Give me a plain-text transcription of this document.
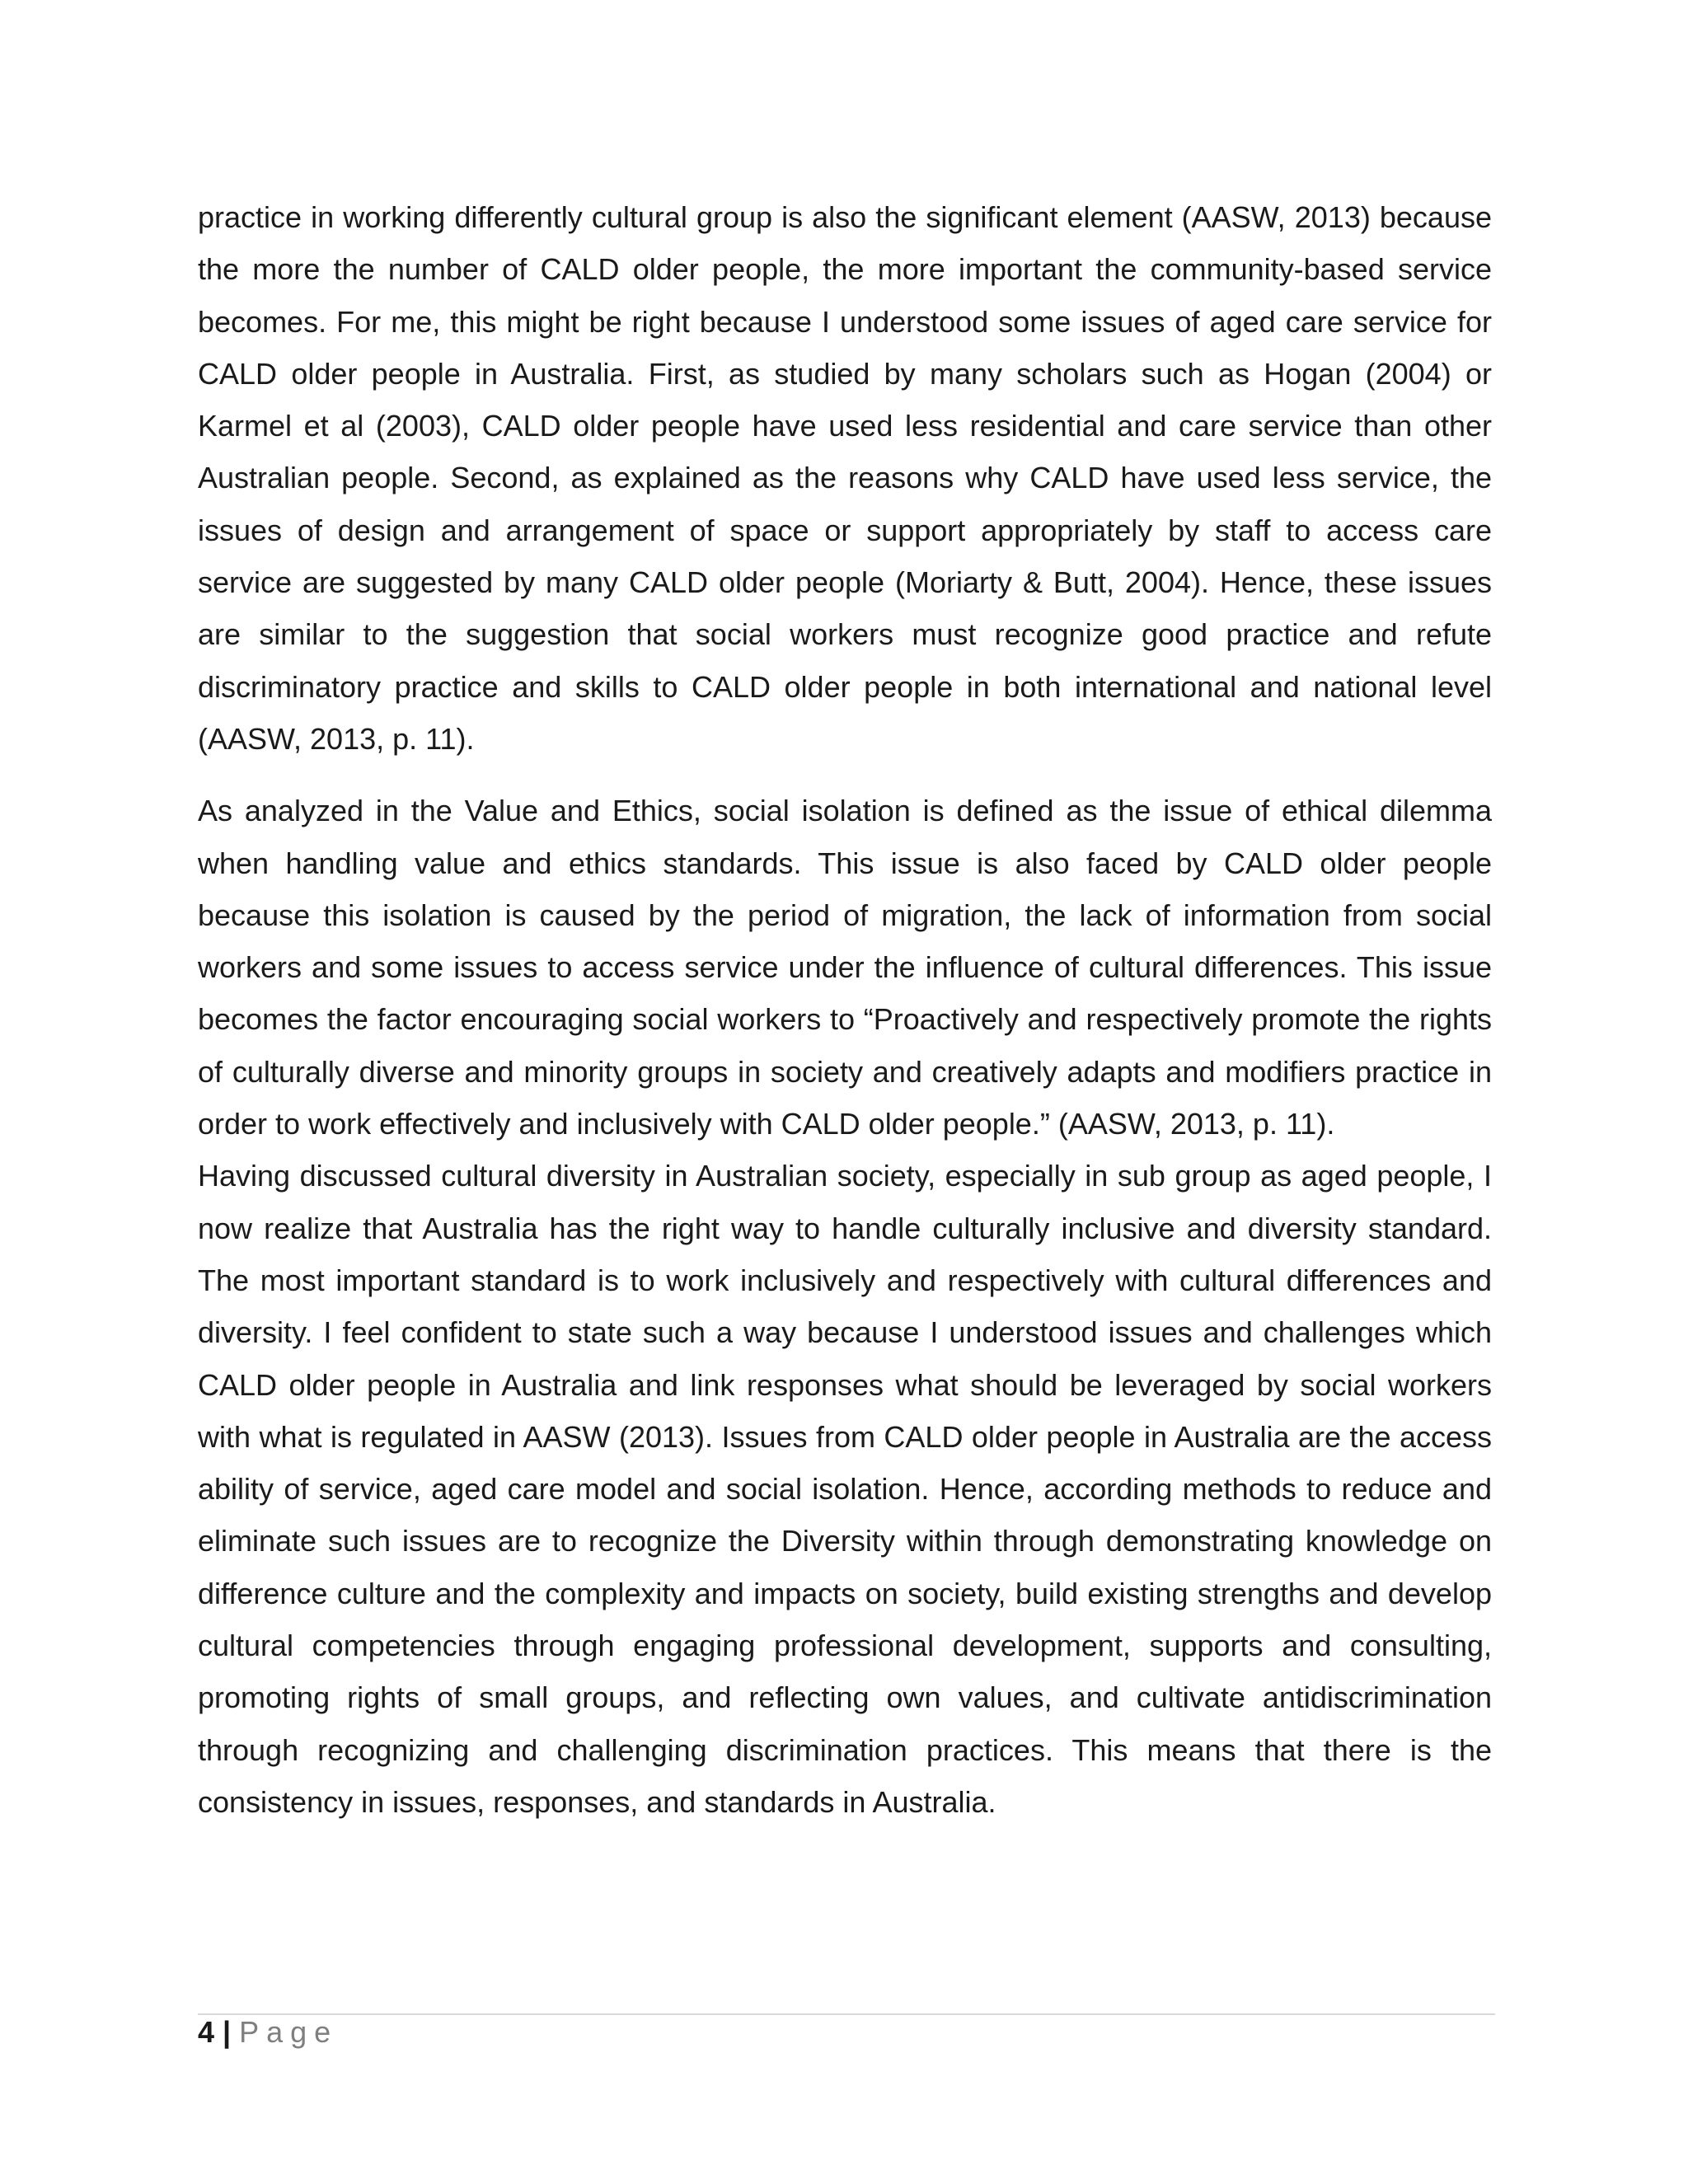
practice in working differently cultural group is also the significant element (AASW, 2013) because the more the number of CALD older people, the more important the community-based service becomes. For me, this might be right because I understood some issues of aged care service for CALD older people in Australia. First, as studied by many scholars such as Hogan (2004) or Karmel et al (2003), CALD older people have used less residential and care service than other Australian people. Second, as explained as the reasons why CALD have used less service, the issues of design and arrangement of space or support appropriately by staff to access care service are suggested by many CALD older people (Moriarty & Butt, 2004). Hence, these issues are similar to the suggestion that social workers must recognize good practice and refute discriminatory practice and skills to CALD older people in both international and national level (AASW, 2013, p. 11).

As analyzed in the Value and Ethics, social isolation is defined as the issue of ethical dilemma when handling value and ethics standards. This issue is also faced by CALD older people because this isolation is caused by the period of migration, the lack of information from social workers and some issues to access service under the influence of cultural differences. This issue becomes the factor encouraging social workers to “Proactively and respectively promote the rights of culturally diverse and minority groups in society and creatively adapts and modifiers practice in order to work effectively and inclusively with CALD older people.” (AASW, 2013, p. 11).

Having discussed cultural diversity in Australian society, especially in sub group as aged people, I now realize that Australia has the right way to handle culturally inclusive and diversity standard. The most important standard is to work inclusively and respectively with cultural differences and diversity. I feel confident to state such a way because I understood issues and challenges which CALD older people in Australia and link responses what should be leveraged by social workers with what is regulated in AASW (2013). Issues from CALD older people in Australia are the access ability of service, aged care model and social isolation. Hence, according methods to reduce and eliminate such issues are to recognize the Diversity within through demonstrating knowledge on difference culture and the complexity and impacts on society, build existing strengths and develop cultural competencies through engaging professional development, supports and consulting, promoting rights of small groups, and reflecting own values, and cultivate antidiscrimination through recognizing and challenging discrimination practices. This means that there is the consistency in issues, responses, and standards in Australia.

4 | Page
